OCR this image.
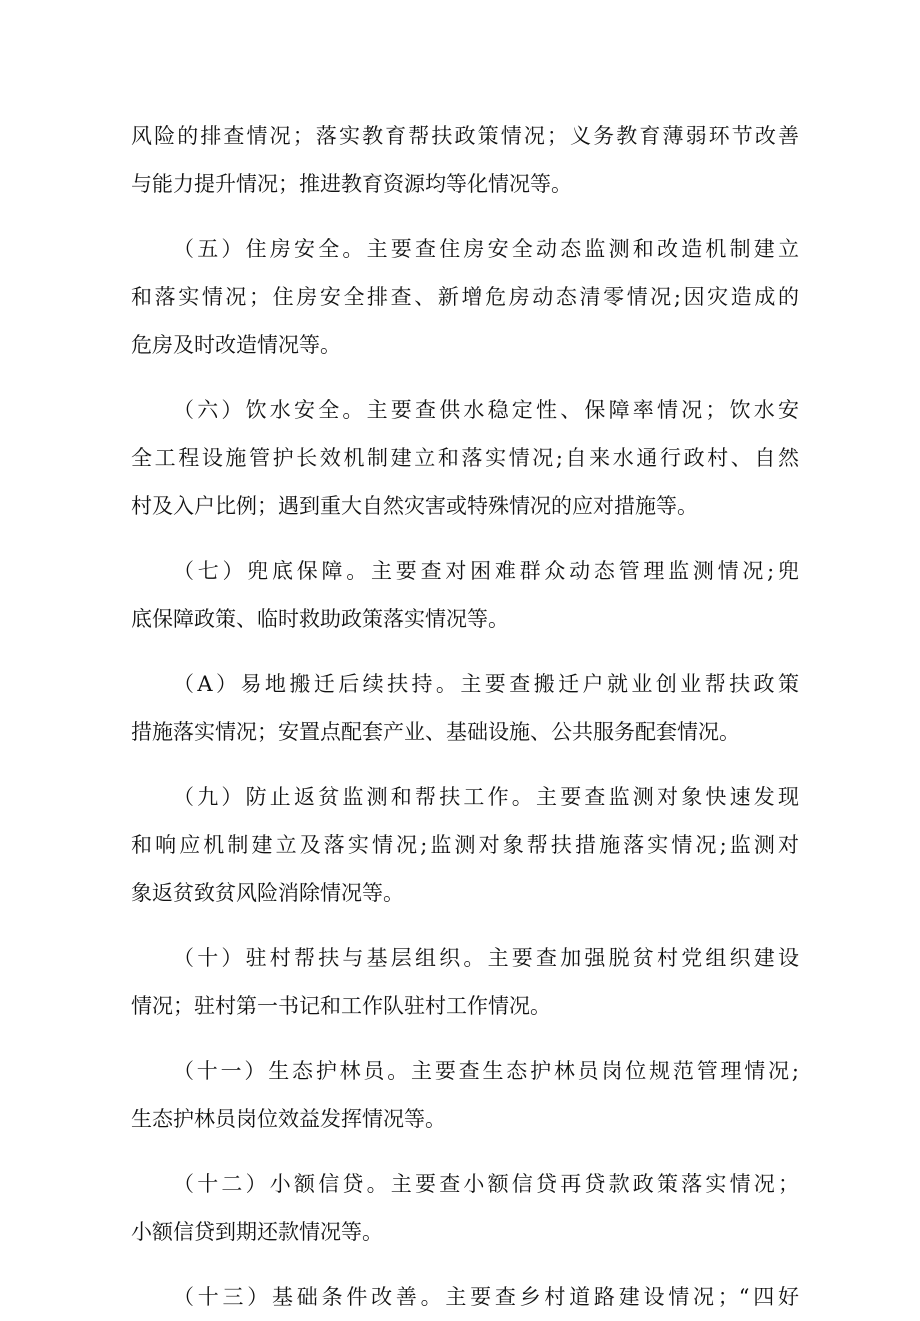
风险的排查情况；落实教育帮扶政策情况；义务教育薄弱环节改善
与能力提升情况；推进教育资源均等化情况等。
（五）住房安全。主要查住房安全动态监测和改造机制建立
和落实情况；住房安全排查、新增危房动态清零情况;因灾造成的
危房及时改造情况等。
（六）饮水安全。主要查供水稳定性、保障率情况；饮水安
全工程设施管护长效机制建立和落实情况;自来水通行政村、自然
村及入户比例；遇到重大自然灾害或特殊情况的应对措施等。
（七）兜底保障。主要查对困难群众动态管理监测情况;兜
底保障政策、临时救助政策落实情况等。
（A）易地搬迁后续扶持。主要查搬迁户就业创业帮扶政策
措施落实情况；安置点配套产业、基础设施、公共服务配套情况。
（九）防止返贫监测和帮扶工作。主要查监测对象快速发现
和响应机制建立及落实情况;监测对象帮扶措施落实情况;监测对
象返贫致贫风险消除情况等。
（十）驻村帮扶与基层组织。主要查加强脱贫村党组织建设
情况；驻村第一书记和工作队驻村工作情况。
（十一）生态护林员。主要查生态护林员岗位规范管理情况;
生态护林员岗位效益发挥情况等。
（十二）小额信贷。主要查小额信贷再贷款政策落实情况；
小额信贷到期还款情况等。
（十三）基础条件改善。主要查乡村道路建设情况；“四好
